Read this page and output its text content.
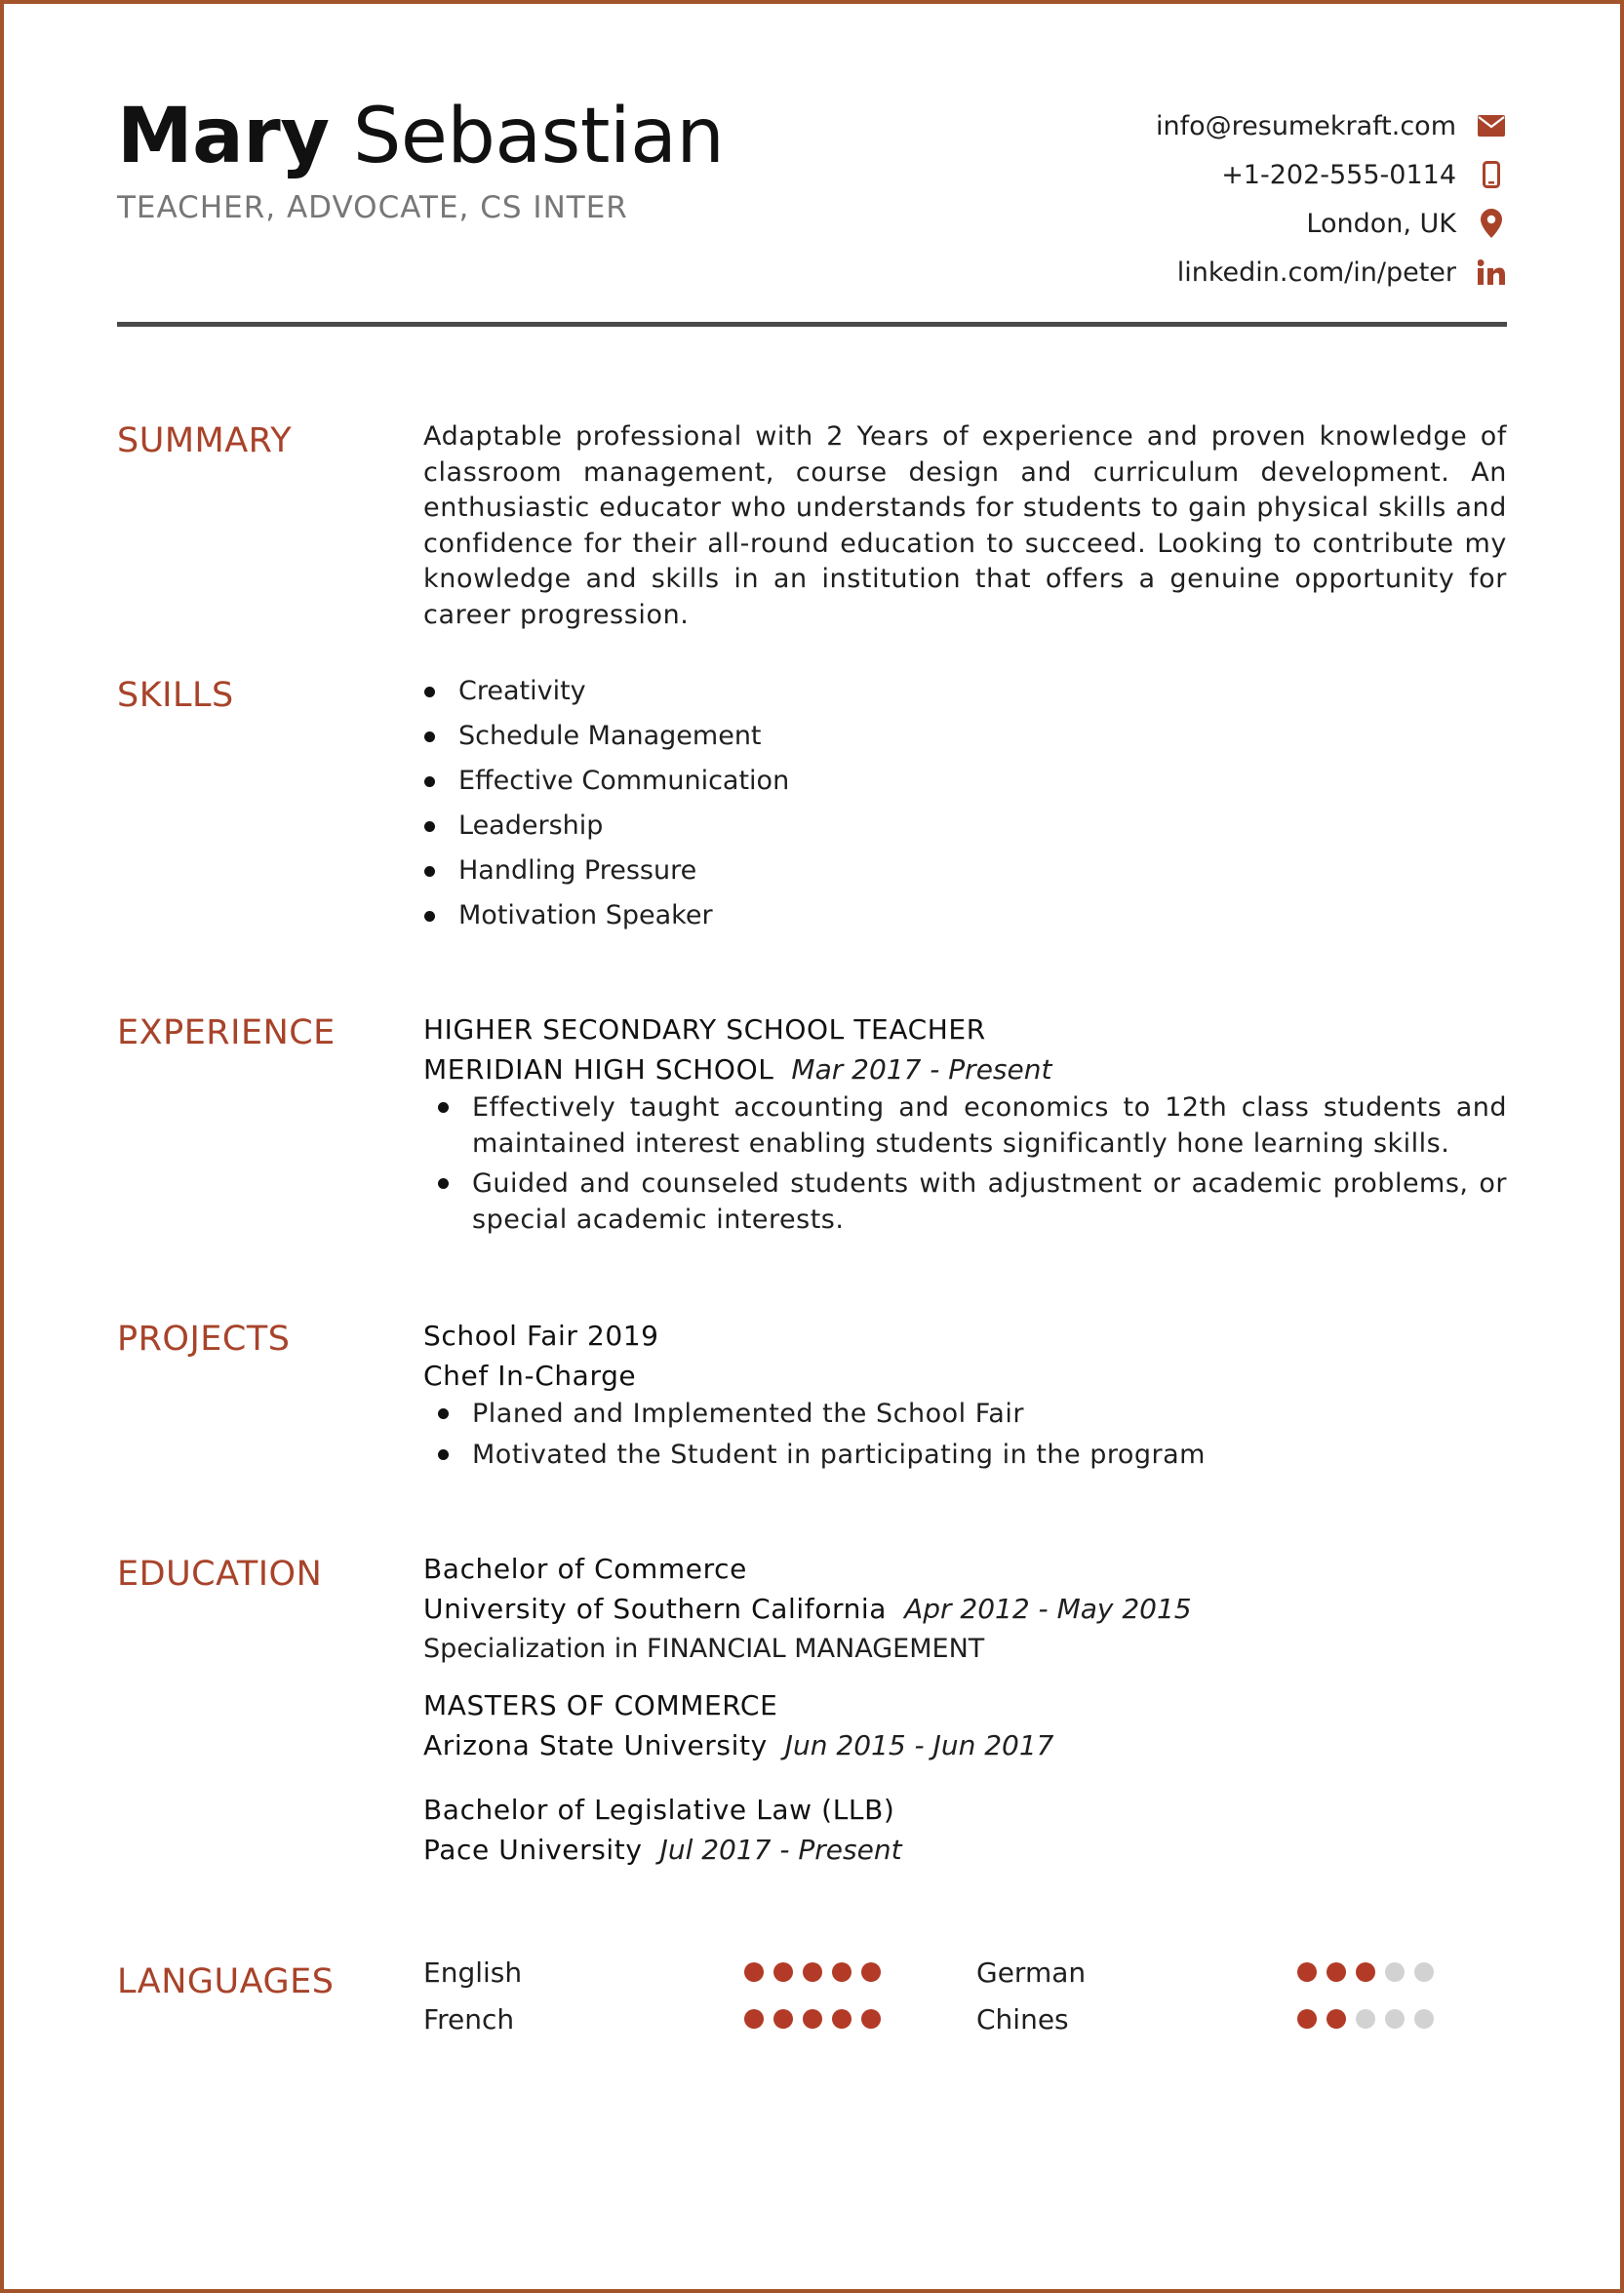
Mary Sebastian
TEACHER, ADVOCATE, CS INTER
info@resumekraft.com
+1-202-555-0114
London, UK
linkedin.com/in/peter
SUMMARY	Adaptable professional with 2 Years of experience and proven knowledge of classroom management, course design and curriculum development. An enthusiastic educator who understands for students to gain physical skills and confidence for their all-round education to succeed. Looking to contribute my knowledge and skills in an institution that offers a genuine opportunity for career progression.

SKILLS	Creativity
Schedule Management
Effective Communication
Leadership
Handling Pressure
Motivation Speaker
EXPERIENCE	HIGHER SECONDARY SCHOOL TEACHER
MERIDIAN HIGH SCHOOL Mar 2017 - Present
Effectively taught accounting and economics to 12th class students and maintained interest enabling students significantly hone learning skills.
Guided and counseled students with adjustment or academic problems, or special academic interests.
PROJECTS	School Fair 2019
Chef In-Charge
Planed and Implemented the School Fair
Motivated the Student in participating in the program
EDUCATION	Bachelor of Commerce
University of Southern California Apr 2012 - May 2015
Specialization in FINANCIAL MANAGEMENT
MASTERS OF COMMERCE
Arizona State University Jun 2015 - Jun 2017
Bachelor of Legislative Law (LLB)
Pace University Jul 2017 - Present
LANGUAGES	English	German
French	Chines
